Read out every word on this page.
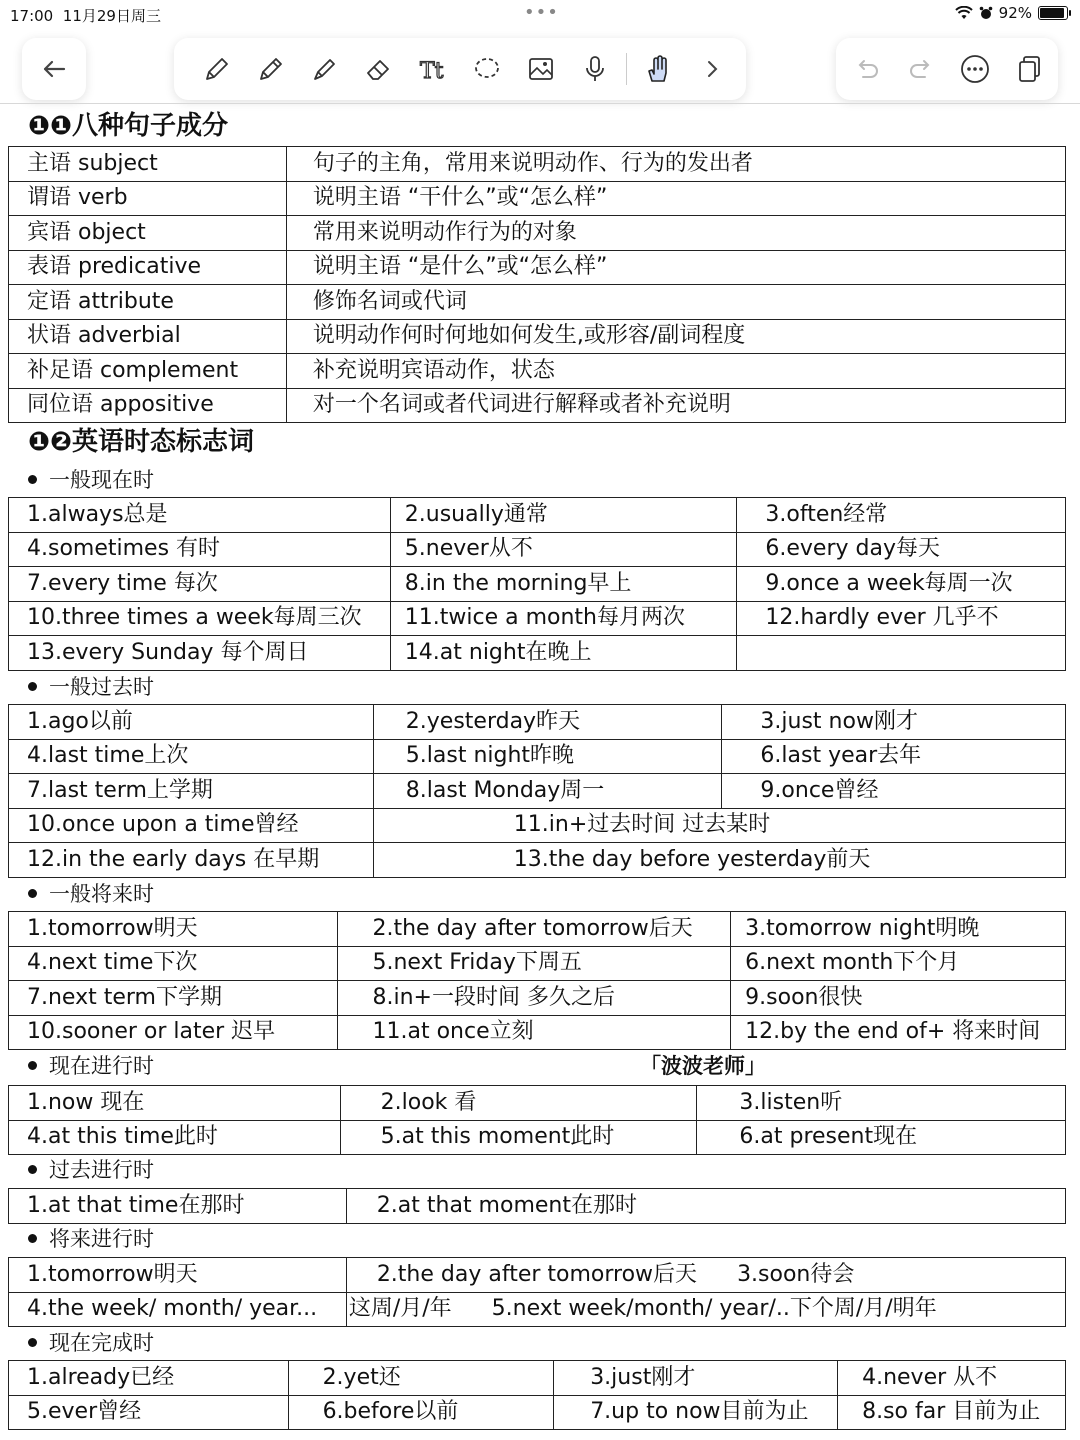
17:00 11月29日周三	•••	92%
Tt
❶❶八种句子成分
主语 subject	句子的主角，常用来说明动作、行为的发出者
谓语 verb	说明主语 “干什么”或“怎么样”
宾语 object	常用来说明动作行为的对象
表语 predicative	说明主语 “是什么”或“怎么样”
定语 attribute	修饰名词或代词
状语 adverbial	说明动作何时何地如何发生,或形容/副词程度
补足语 complement	补充说明宾语动作，状态
同位语 appositive	对一个名词或者代词进行解释或者补充说明
❶❷英语时态标志词
一般现在时
1.always总是	2.usually通常	3.often经常
4.sometimes 有时	5.never从不	6.every day每天
7.every time 每次	8.in the morning早上	9.once a week每周一次
10.three times a week每周三次	11.twice a month每月两次	12.hardly ever 几乎不
13.every Sunday 每个周日	14.at night在晚上	
一般过去时
1.ago以前	2.yesterday昨天	3.just now刚才
4.last time上次	5.last night昨晚	6.last year去年
7.last term上学期	8.last Monday周一	9.once曾经
10.once upon a time曾经	11.in+过去时间 过去某时	
12.in the early days 在早期	13.the day before yesterday前天	
一般将来时
1.tomorrow明天	2.the day after tomorrow后天	3.tomorrow night明晚
4.next time下次	5.next Friday下周五	6.next month下个月
7.next term下学期	8.in+一段时间 多久之后	9.soon很快
10.sooner or later 迟早	11.at once立刻	12.by the end of+ 将来时间
现在进行时	「波波老师」
1.now 现在	2.look 看	3.listen听
4.at this time此时	5.at this moment此时	6.at present现在
过去进行时
1.at that time在那时	2.at that moment在那时
将来进行时
1.tomorrow明天	2.the day after tomorrow后天 3.soon待会
4.the week/ month/ year...	这周/月/年 5.next week/month/ year/..下个周/月/明年
现在完成时
1.already已经	2.yet还	3.just刚才	4.never 从不
5.ever曾经	6.before以前	7.up to now目前为止	8.so far 目前为止
